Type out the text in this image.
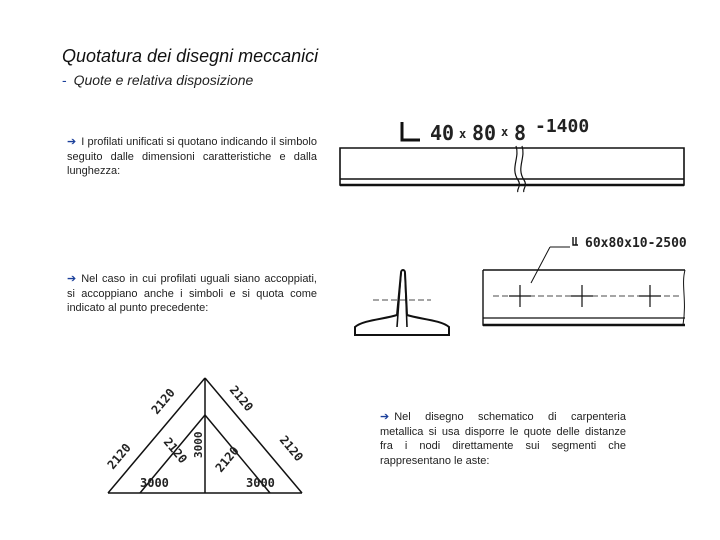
Quotatura dei disegni meccanici
- Quote e relativa disposizione
➔ I profilati unificati si quotano indicando il simbolo seguito dalle dimensioni caratteristiche e dalla lunghezza:
➔ Nel caso in cui profilati uguali siano accoppiati, si accoppiano anche i simboli e si quota come indicato al punto precedente:
➔ Nel disegno schematico di carpenteria metallica si usa disporre le quote delle distanze fra i nodi direttamente sui segmenti che rappresentano le aste:
40 x 80 x 8 -1400
60x80x10-2500
2120
2120
2120
2120
3000 2120	2120
3000	3000
